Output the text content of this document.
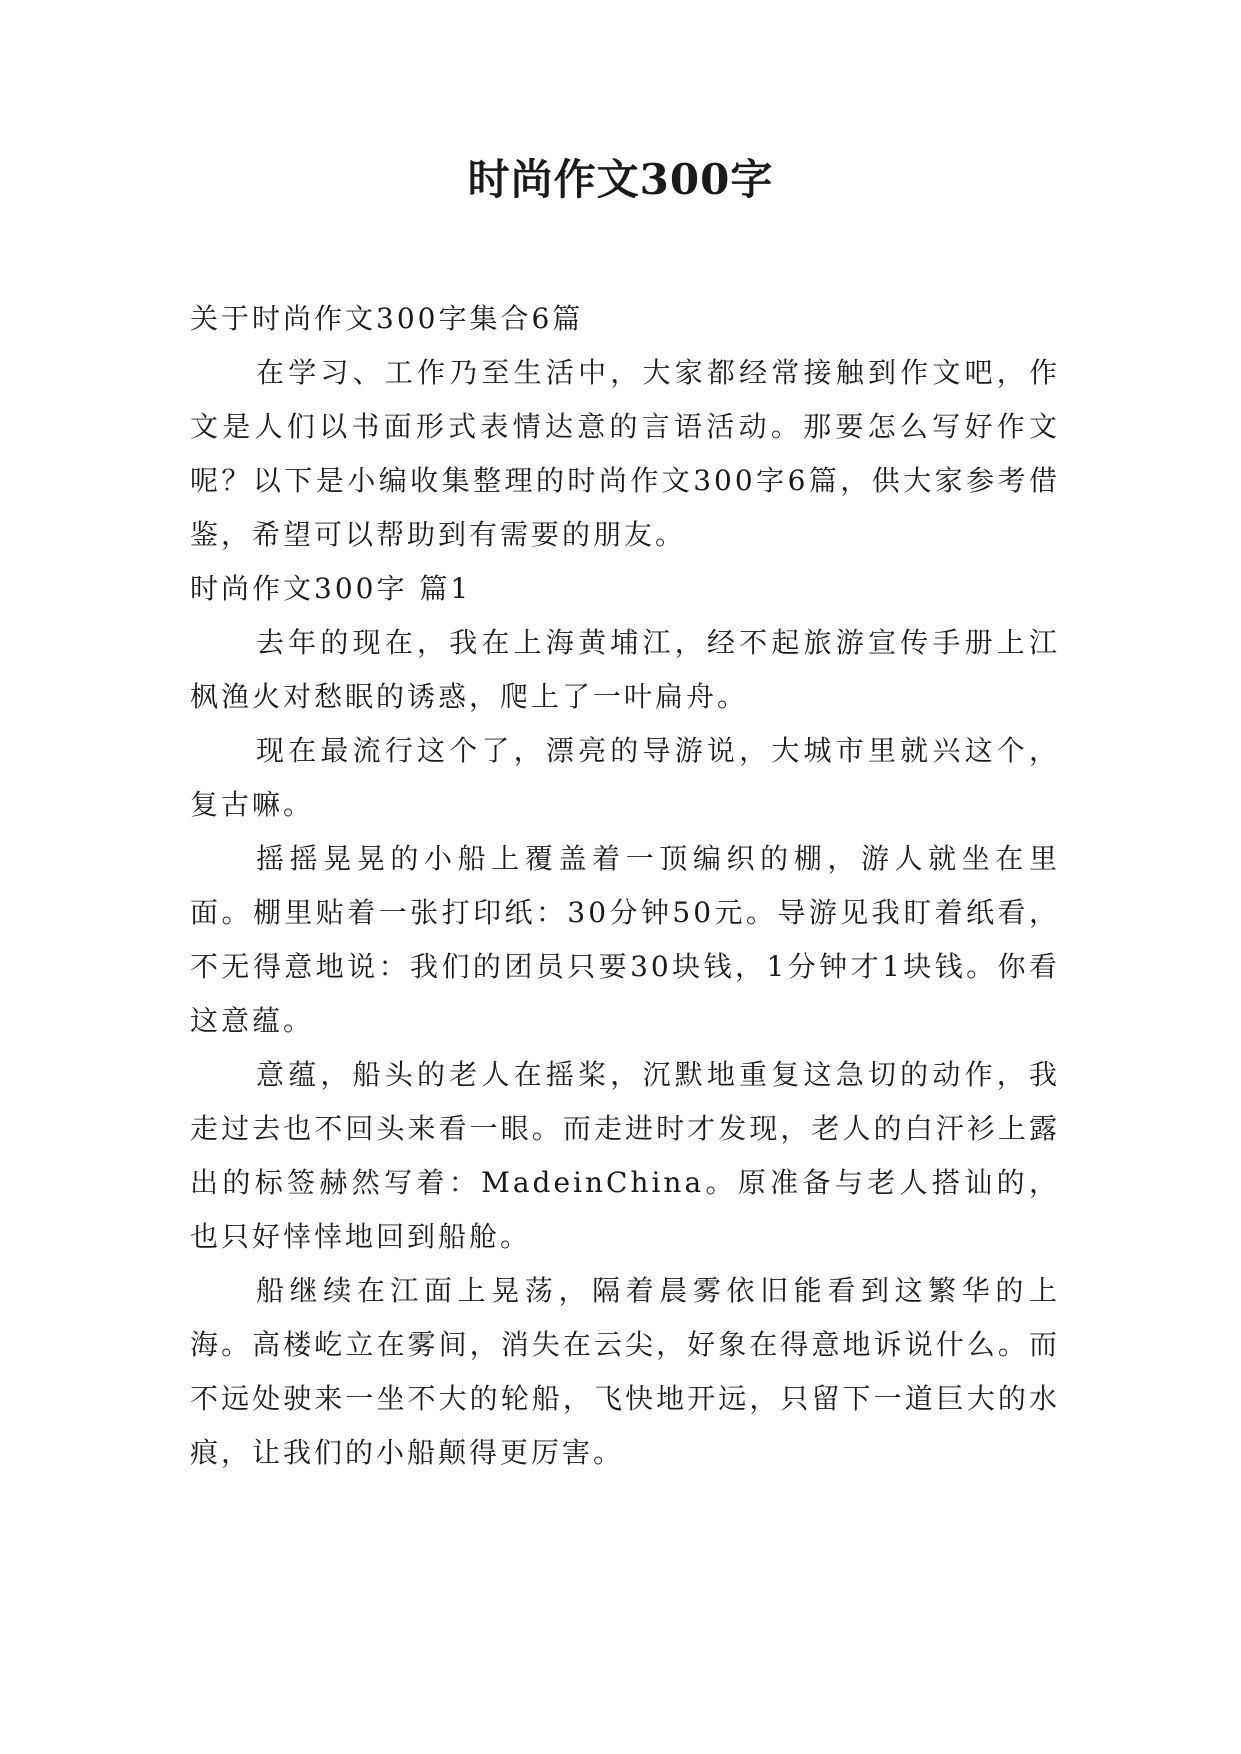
时尚作文300字

关于时尚作文300字集合6篇

在学习、工作乃至生活中，大家都经常接触到作文吧，作文是人们以书面形式表情达意的言语活动。那要怎么写好作文呢？以下是小编收集整理的时尚作文300字6篇，供大家参考借鉴，希望可以帮助到有需要的朋友。

时尚作文300字 篇1

去年的现在，我在上海黄埔江，经不起旅游宣传手册上江枫渔火对愁眠的诱惑，爬上了一叶扁舟。

现在最流行这个了，漂亮的导游说，大城市里就兴这个，复古嘛。

摇摇晃晃的小船上覆盖着一顶编织的棚，游人就坐在里面。棚里贴着一张打印纸：30分钟50元。导游见我盯着纸看，不无得意地说：我们的团员只要30块钱，1分钟才1块钱。你看这意蕴。

意蕴，船头的老人在摇桨，沉默地重复这急切的动作，我走过去也不回头来看一眼。而走进时才发现，老人的白汗衫上露出的标签赫然写着：MadeinChina。原准备与老人搭讪的，也只好悻悻地回到船舱。

船继续在江面上晃荡，隔着晨雾依旧能看到这繁华的上海。高楼屹立在雾间，消失在云尖，好象在得意地诉说什么。而不远处驶来一坐不大的轮船，飞快地开远，只留下一道巨大的水痕，让我们的小船颠得更厉害。
